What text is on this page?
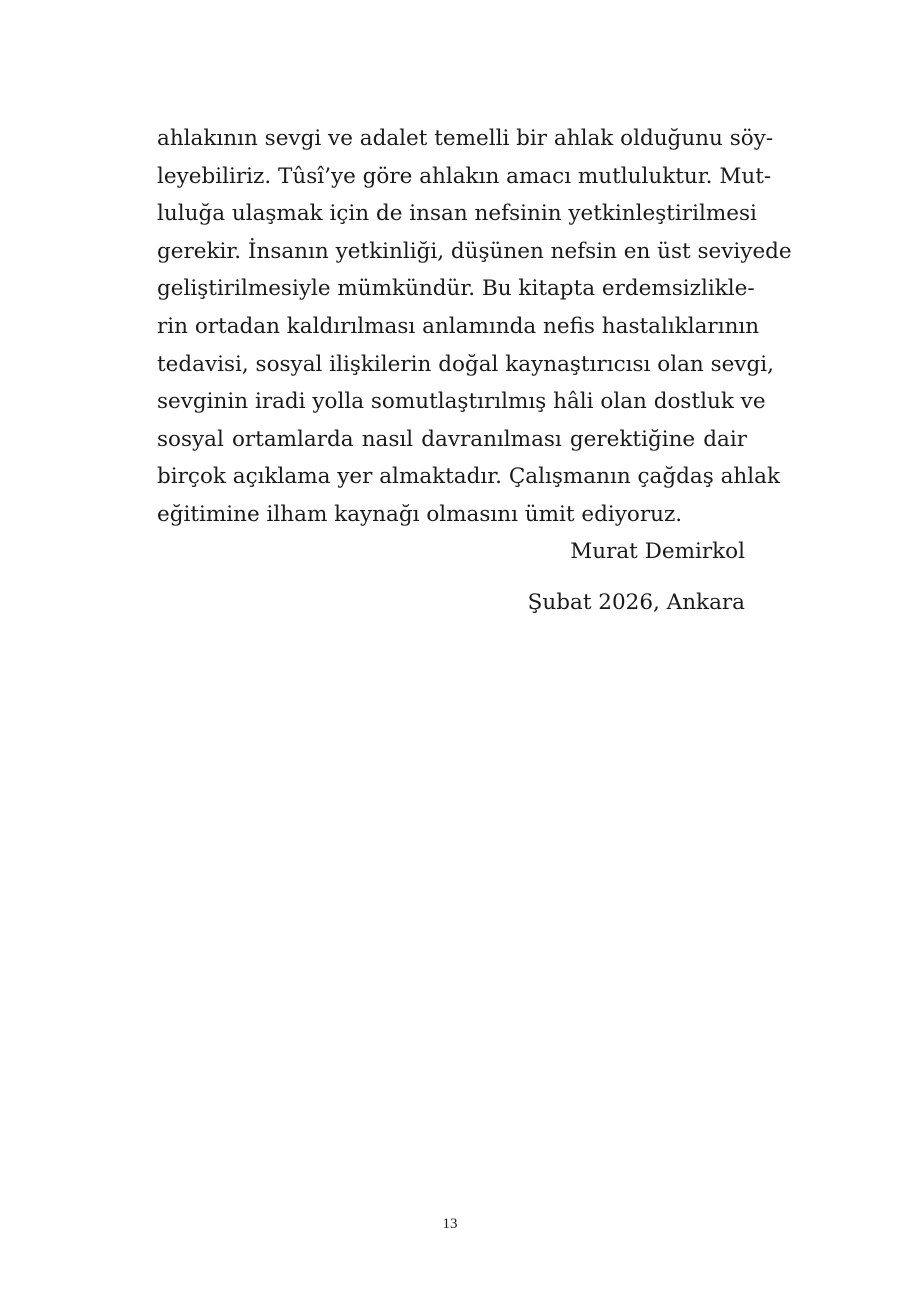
ahlakının sevgi ve adalet temelli bir ahlak olduğunu söy-
leyebiliriz. Tûsî’ye göre ahlakın amacı mutluluktur. Mut-
luluğa ulaşmak için de insan nefsinin yetkinleştirilmesi
gerekir. İnsanın yetkinliği, düşünen nefsin en üst seviyede
geliştirilmesiyle mümkündür. Bu kitapta erdemsizlikle-
rin ortadan kaldırılması anlamında nefis hastalıklarının
tedavisi, sosyal ilişkilerin doğal kaynaştırıcısı olan sevgi,
sevginin iradi yolla somutlaştırılmış hâli olan dostluk ve
sosyal ortamlarda nasıl davranılması gerektiğine dair
birçok açıklama yer almaktadır. Çalışmanın çağdaş ahlak
eğitimine ilham kaynağı olmasını ümit ediyoruz.
Murat Demirkol
Şubat 2026, Ankara
13
